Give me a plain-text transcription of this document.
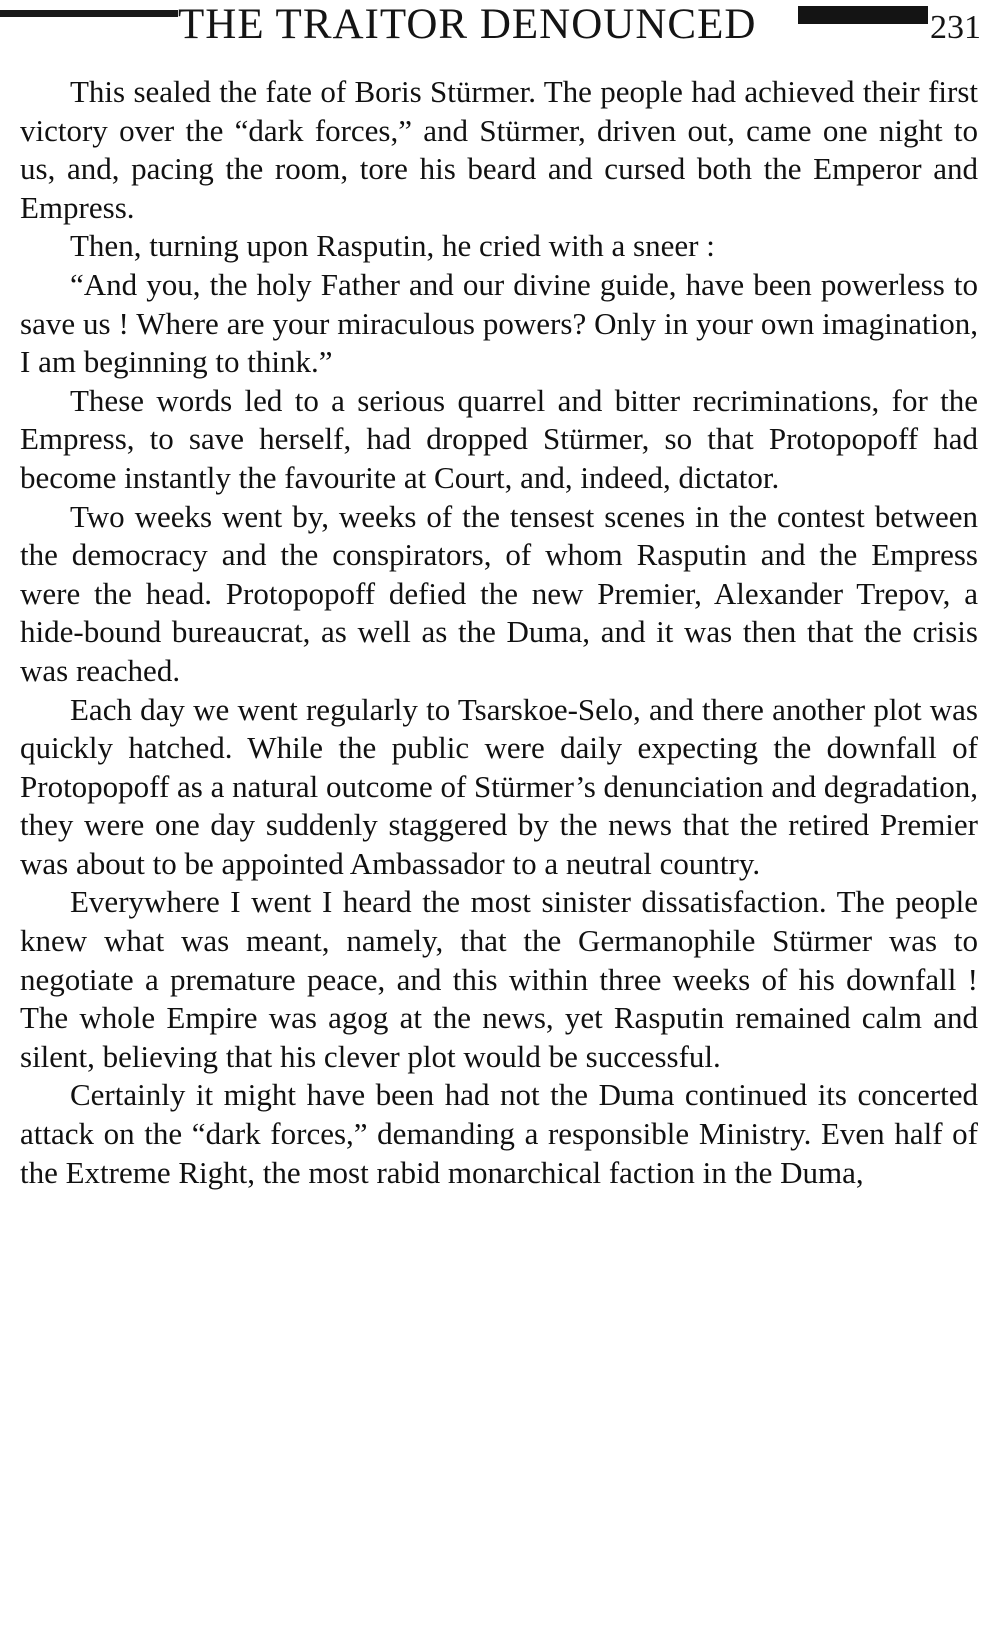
THE TRAITOR DENOUNCED	231

This sealed the fate of Boris Stürmer. The people had achieved their first victory over the “dark forces,” and Stürmer, driven out, came one night to us, and, pacing the room, tore his beard and cursed both the Emperor and Empress.

Then, turning upon Rasputin, he cried with a sneer :

“And you, the holy Father and our divine guide, have been powerless to save us ! Where are your miraculous powers? Only in your own imagination, I am beginning to think.”

These words led to a serious quarrel and bitter recriminations, for the Empress, to save herself, had dropped Stürmer, so that Protopopoff had become instantly the favourite at Court, and, indeed, dictator.

Two weeks went by, weeks of the tensest scenes in the contest between the democracy and the conspirators, of whom Rasputin and the Empress were the head. Protopopoff defied the new Premier, Alexander Trepov, a hide-bound bureaucrat, as well as the Duma, and it was then that the crisis was reached.

Each day we went regularly to Tsarskoe-Selo, and there another plot was quickly hatched. While the public were daily expecting the downfall of Protopopoff as a natural outcome of Stürmer’s denunciation and degradation, they were one day suddenly staggered by the news that the retired Premier was about to be appointed Ambassador to a neutral country.

Everywhere I went I heard the most sinister dissatisfaction. The people knew what was meant, namely, that the Germanophile Stürmer was to negotiate a premature peace, and this within three weeks of his downfall ! The whole Empire was agog at the news, yet Rasputin remained calm and silent, believing that his clever plot would be successful.

Certainly it might have been had not the Duma continued its concerted attack on the “dark forces,” demanding a responsible Ministry. Even half of the Extreme Right, the most rabid monarchical faction in the Duma,
